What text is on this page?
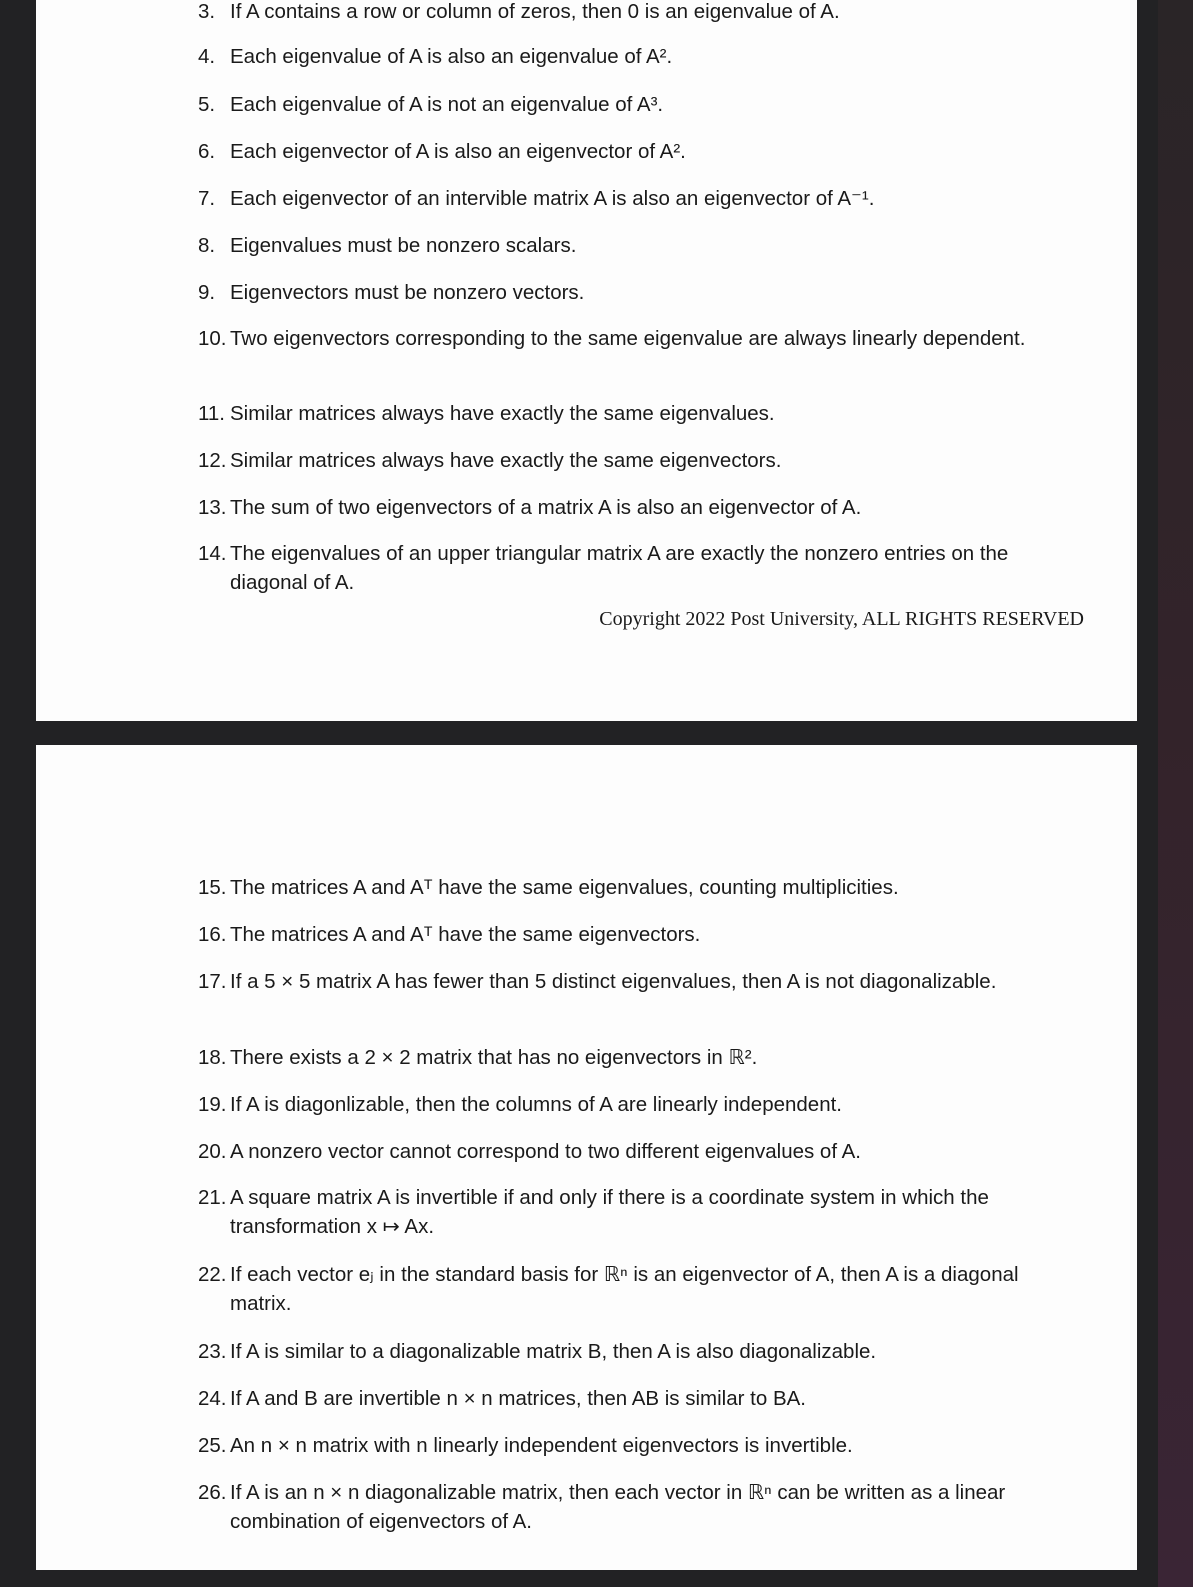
3. If A contains a row or column of zeros, then 0 is an eigenvalue of A.
4. Each eigenvalue of A is also an eigenvalue of A².
5. Each eigenvalue of A is not an eigenvalue of A³.
6. Each eigenvector of A is also an eigenvector of A².
7. Each eigenvector of an intervible matrix A is also an eigenvector of A⁻¹.
8. Eigenvalues must be nonzero scalars.
9. Eigenvectors must be nonzero vectors.
10. Two eigenvectors corresponding to the same eigenvalue are always linearly dependent.
11. Similar matrices always have exactly the same eigenvalues.
12. Similar matrices always have exactly the same eigenvectors.
13. The sum of two eigenvectors of a matrix A is also an eigenvector of A.
14. The eigenvalues of an upper triangular matrix A are exactly the nonzero entries on the diagonal of A.
Copyright 2022 Post University, ALL RIGHTS RESERVED
15. The matrices A and Aᵀ have the same eigenvalues, counting multiplicities.
16. The matrices A and Aᵀ have the same eigenvectors.
17. If a 5 × 5 matrix A has fewer than 5 distinct eigenvalues, then A is not diagonalizable.
18. There exists a 2 × 2 matrix that has no eigenvectors in ℝ².
19. If A is diagonlizable, then the columns of A are linearly independent.
20. A nonzero vector cannot correspond to two different eigenvalues of A.
21. A square matrix A is invertible if and only if there is a coordinate system in which the transformation x ↦ Ax.
22. If each vector eⱼ in the standard basis for ℝⁿ is an eigenvector of A, then A is a diagonal matrix.
23. If A is similar to a diagonalizable matrix B, then A is also diagonalizable.
24. If A and B are invertible n × n matrices, then AB is similar to BA.
25. An n × n matrix with n linearly independent eigenvectors is invertible.
26. If A is an n × n diagonalizable matrix, then each vector in ℝⁿ can be written as a linear combination of eigenvectors of A.
